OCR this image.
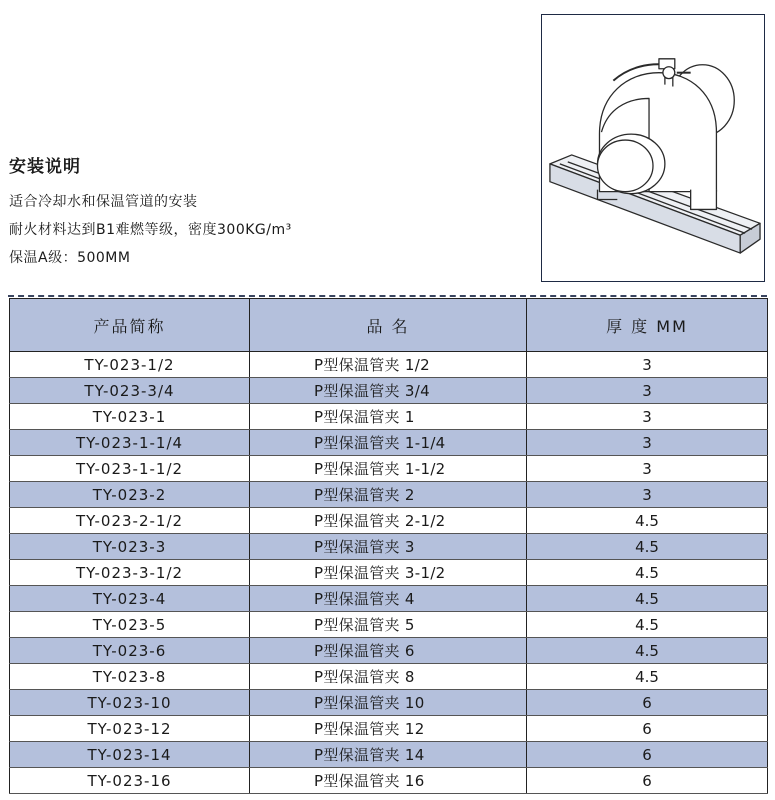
安装说明
适合冷却水和保温管道的安装
耐火材料达到B1难燃等级，密度300KG/m³
保温A级：500MM
产品简称	品 名	厚 度 MM
TY-023-1/2	P型保温管夹 1/2	3
TY-023-3/4	P型保温管夹 3/4	3
TY-023-1	P型保温管夹 1	3
TY-023-1-1/4	P型保温管夹 1-1/4	3
TY-023-1-1/2	P型保温管夹 1-1/2	3
TY-023-2	P型保温管夹 2	3
TY-023-2-1/2	P型保温管夹 2-1/2	4.5
TY-023-3	P型保温管夹 3	4.5
TY-023-3-1/2	P型保温管夹 3-1/2	4.5
TY-023-4	P型保温管夹 4	4.5
TY-023-5	P型保温管夹 5	4.5
TY-023-6	P型保温管夹 6	4.5
TY-023-8	P型保温管夹 8	4.5
TY-023-10	P型保温管夹 10	6
TY-023-12	P型保温管夹 12	6
TY-023-14	P型保温管夹 14	6
TY-023-16	P型保温管夹 16	6
